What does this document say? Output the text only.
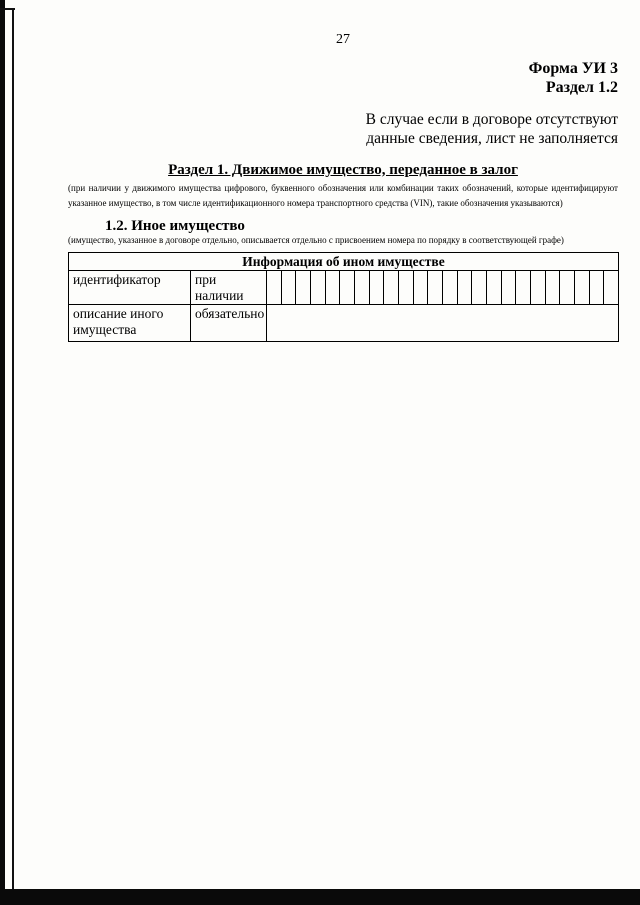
27
Форма УИ 3
Раздел 1.2
В случае если в договоре отсутствуют
данные сведения, лист не заполняется
Раздел 1. Движимое имущество, переданное в залог
(при наличии у движимого имущества цифрового, буквенного обозначения или комбинации таких обозначений, которые идентифицируют указанное имущество, в том числе идентификационного номера транспортного средства (VIN), такие обозначения указываются)
1.2. Иное имущество
(имущество, указанное в договоре отдельно, описывается отдельно с присвоением номера по порядку в соответствующей графе)
Информация об ином имуществе		
идентификатор	при наличии	

описание иного имущества	обязательно	
